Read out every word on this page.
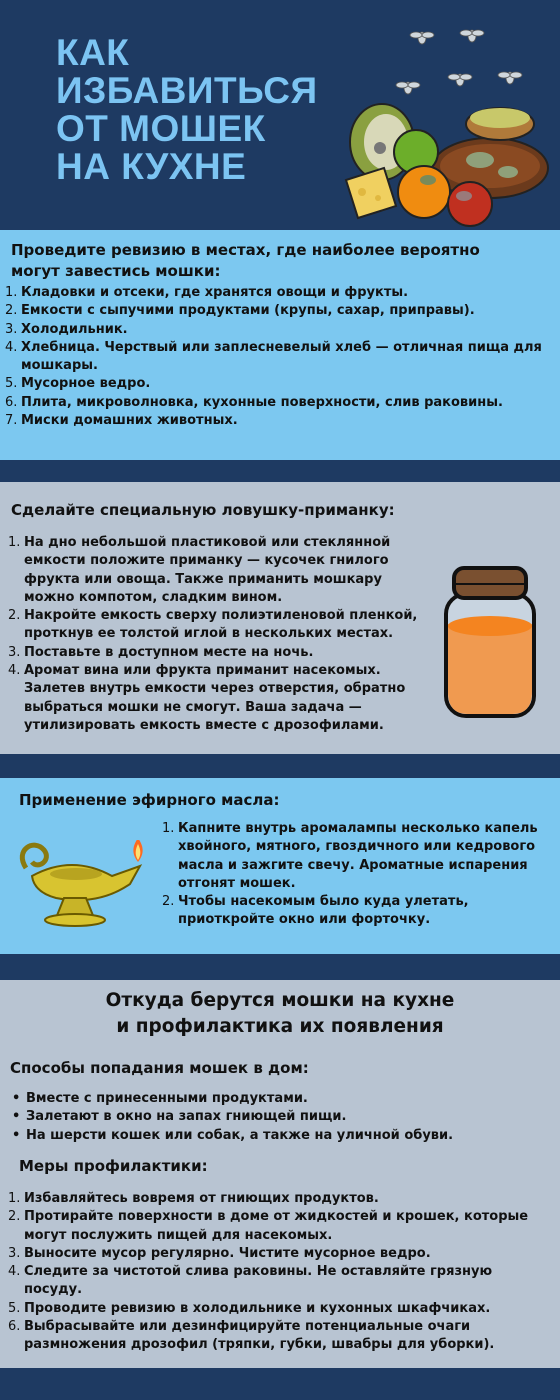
КАК
ИЗБАВИТЬСЯ
ОТ МОШЕК
НА КУХНЕ
Проведите ревизию в местах, где наиболее вероятно могут завестись мошки:
1. Кладовки и отсеки, где хранятся овощи и фрукты.
2. Емкости с сыпучими продуктами (крупы, сахар, приправы).
3. Холодильник.
4. Хлебница. Черствый или заплесневелый хлеб — отличная пища для мошкары.
5. Мусорное ведро.
6. Плита, микроволновка, кухонные поверхности, слив раковины.
7. Миски домашних животных.
Сделайте специальную ловушку-приманку:
1. На дно небольшой пластиковой или стеклянной емкости положите приманку — кусочек гнилого фрукта или овоща. Также приманить мошкару можно компотом, сладким вином.
2. Накройте емкость сверху полиэтиленовой пленкой, проткнув ее толстой иглой в нескольких местах.
3. Поставьте в доступном месте на ночь.
4. Аромат вина или фрукта приманит насекомых. Залетев внутрь емкости через отверстия, обратно выбраться мошки не смогут. Ваша задача — утилизировать емкость вместе с дрозофилами.
Применение эфирного масла:
1. Капните внутрь аромалампы несколько капель хвойного, мятного, гвоздичного или кедрового масла и зажгите свечу. Ароматные испарения отгонят мошек.
2. Чтобы насекомым было куда улетать, приоткройте окно или форточку.
Откуда берутся мошки на кухне
и профилактика их появления
Способы попадания мошек в дом:
• Вместе с принесенными продуктами.
• Залетают в окно на запах гниющей пищи.
• На шерсти кошек или собак, а также на уличной обуви.
Меры профилактики:
1. Избавляйтесь вовремя от гниющих продуктов.
2. Протирайте поверхности в доме от жидкостей и крошек, которые могут послужить пищей для насекомых.
3. Выносите мусор регулярно. Чистите мусорное ведро.
4. Следите за чистотой слива раковины. Не оставляйте грязную посуду.
5. Проводите ревизию в холодильнике и кухонных шкафчиках.
6. Выбрасывайте или дезинфицируйте потенциальные очаги размножения дрозофил (тряпки, губки, швабры для уборки).
